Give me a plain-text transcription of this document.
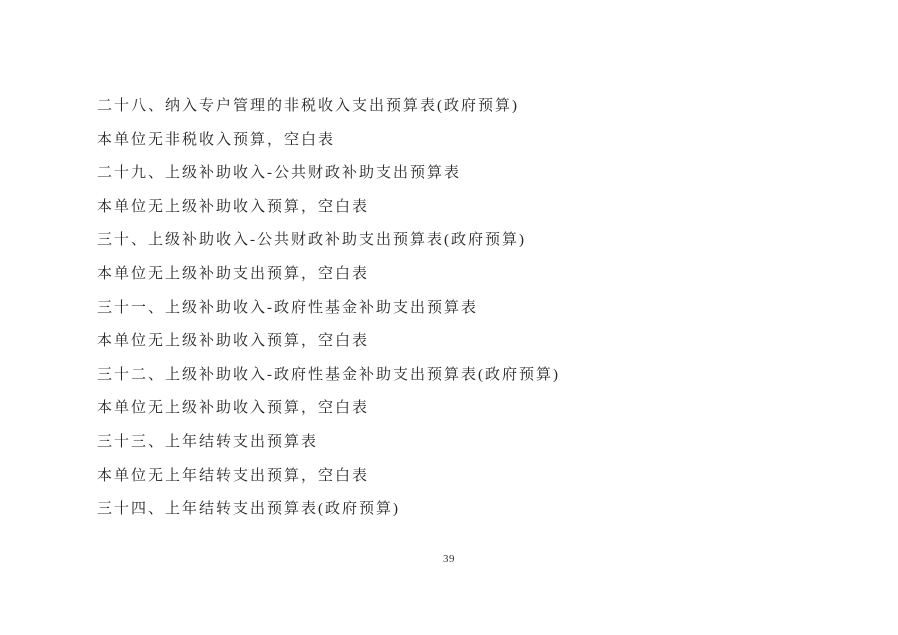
二十八、纳入专户管理的非税收入支出预算表(政府预算)

本单位无非税收入预算，空白表

二十九、上级补助收入-公共财政补助支出预算表

本单位无上级补助收入预算，空白表

三十、上级补助收入-公共财政补助支出预算表(政府预算)

本单位无上级补助支出预算，空白表

三十一、上级补助收入-政府性基金补助支出预算表

本单位无上级补助收入预算，空白表

三十二、上级补助收入-政府性基金补助支出预算表(政府预算)

本单位无上级补助收入预算，空白表

三十三、上年结转支出预算表

本单位无上年结转支出预算，空白表

三十四、上年结转支出预算表(政府预算)

39
